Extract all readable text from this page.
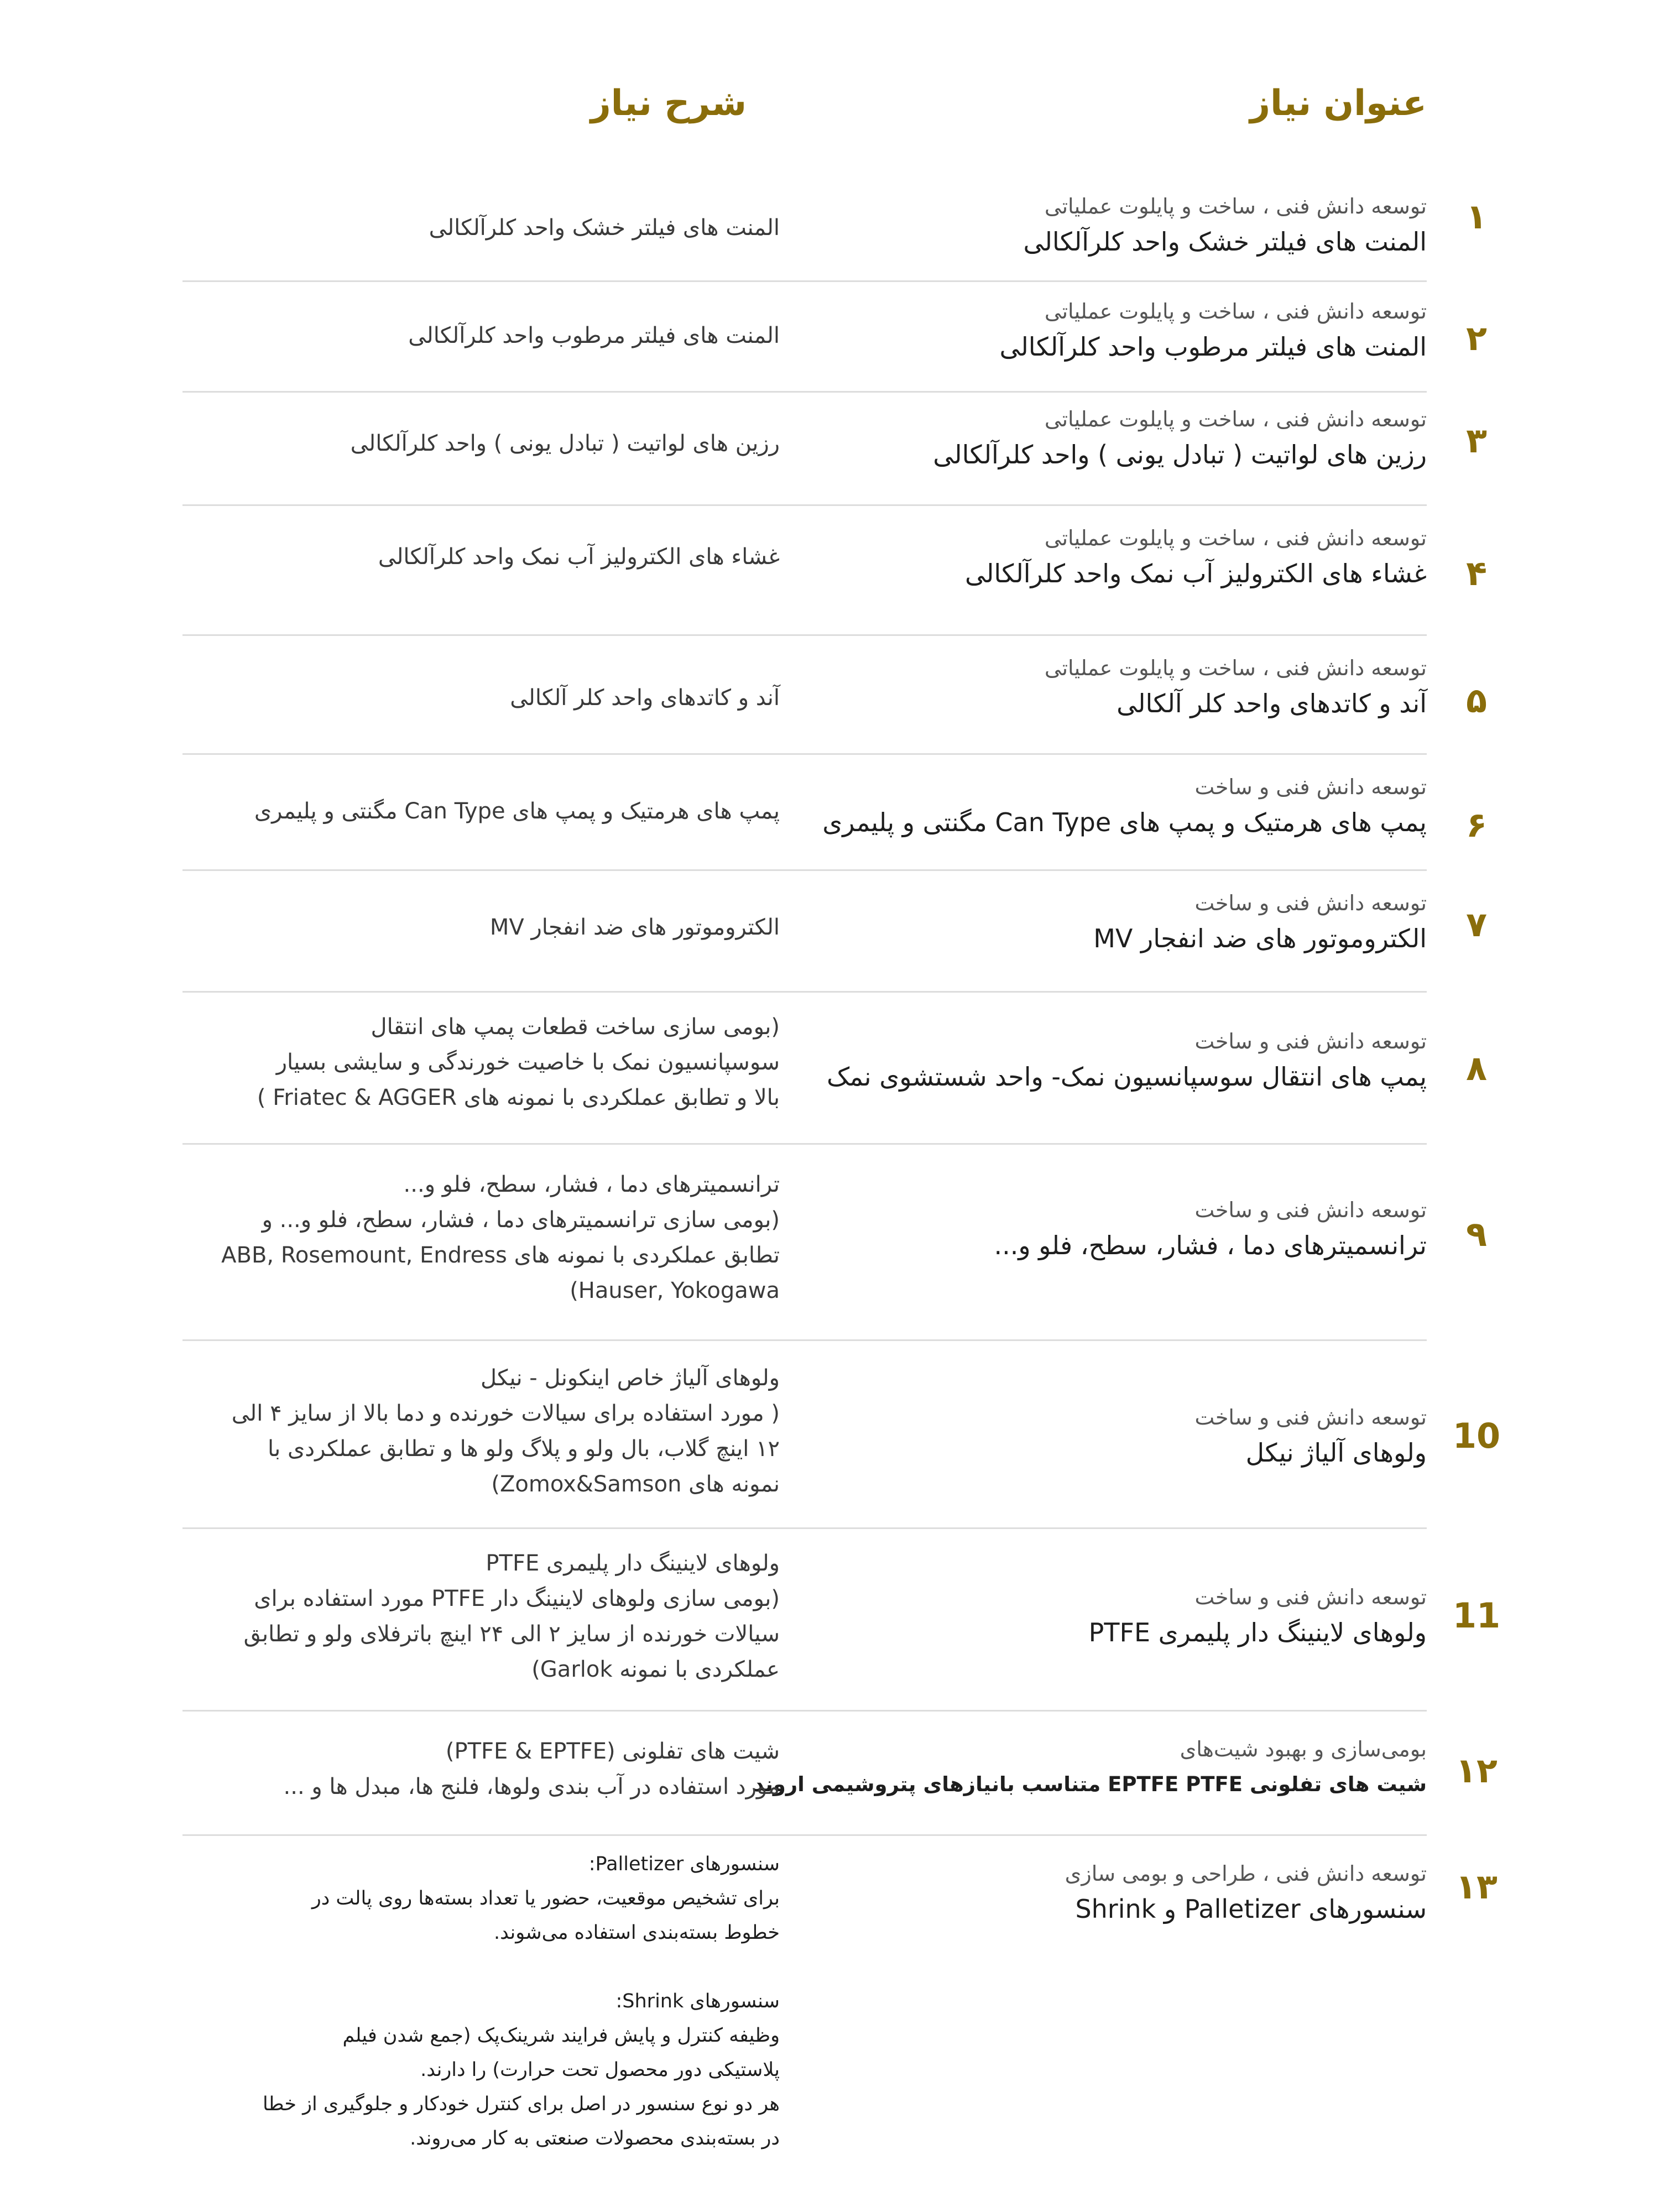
عنوان نیاز
شرح نیاز
۱
توسعه دانش فنی ، ساخت و پایلوت عملیاتی
المنت های فیلتر خشک واحد کلرآلکالی
المنت های فیلتر خشک واحد کلرآلکالی
۲
توسعه دانش فنی ، ساخت و پایلوت عملیاتی
المنت های فیلتر مرطوب واحد کلرآلکالی
المنت های فیلتر مرطوب واحد کلرآلکالی
۳
توسعه دانش فنی ، ساخت و پایلوت عملیاتی
رزین های لواتیت ( تبادل یونی ) واحد کلرآلکالی
رزین های لواتیت ( تبادل یونی ) واحد کلرآلکالی
۴
توسعه دانش فنی ، ساخت و پایلوت عملیاتی
غشاء های الکترولیز آب نمک واحد کلرآلکالی
غشاء های الکترولیز آب نمک واحد کلرآلکالی
۵
توسعه دانش فنی ، ساخت و پایلوت عملیاتی
آند و کاتدهای واحد کلر آلکالی
آند و کاتدهای واحد کلر آلکالی
۶
توسعه دانش فنی و ساخت
پمپ های هرمتیک و پمپ های Can Type مگنتی و پلیمری
پمپ های هرمتیک و پمپ های Can Type مگنتی و پلیمری
۷
توسعه دانش فنی و ساخت
الکتروموتور های ضد انفجار MV
الکتروموتور های ضد انفجار MV
۸
توسعه دانش فنی و ساخت
پمپ های انتقال سوسپانسیون نمک- واحد شستشوی نمک
(بومی سازی ساخت قطعات پمپ های انتقال
سوسپانسیون نمک با خاصیت خورندگی و سایشی بسیار
بالا و تطابق عملکردی با نمونه های Friatec & AGGER )
۹
توسعه دانش فنی و ساخت
ترانسمیترهای دما ، فشار، سطح، فلو و...
ترانسمیترهای دما ، فشار، سطح، فلو و...
(بومی سازی ترانسمیترهای دما ، فشار، سطح، فلو و... و
تطابق عملکردی با نمونه های ABB, Rosemount, Endress
Hauser, Yokogawa)
10
توسعه دانش فنی و ساخت
ولوهای آلیاژ نیکل
ولوهای آلیاژ خاص اینکونل - نیکل
( مورد استفاده برای سیالات خورنده و دما بالا از سایز ۴ الی
۱۲ اینچ گلاب، بال ولو و پلاگ ولو ها و تطابق عملکردی با
نمونه های Zomox&Samson)
11
توسعه دانش فنی و ساخت
ولوهای لاینینگ دار پلیمری PTFE
ولوهای لاینینگ دار پلیمری PTFE
(بومی سازی ولوهای لاینینگ دار PTFE مورد استفاده برای
سیالات خورنده از سایز ۲ الی ۲۴ اینچ باترفلای ولو و تطابق
عملکردی با نمونه Garlok)
۱۲
بومی‌سازی و بهبود شیت‌های
شیت های تفلونی EPTFE PTFE متناسب بانیازهای پتروشیمی اروند
شیت های تفلونی (PTFE & EPTFE)
مورد استفاده در آب بندی ولوها، فلنج ها، مبدل ها و ...
۱۳
توسعه دانش فنی ، طراحی و بومی سازی
سنسورهای Palletizer و Shrink
سنسورهای Palletizer:
برای تشخیص موقعیت، حضور یا تعداد بسته‌ها روی پالت در
خطوط بسته‌بندی استفاده می‌شوند.
سنسورهای Shrink:
وظیفه کنترل و پایش فرایند شرینک‌پک (جمع شدن فیلم
پلاستیکی دور محصول تحت حرارت) را دارند.
هر دو نوع سنسور در اصل برای کنترل خودکار و جلوگیری از خطا
در بسته‌بندی محصولات صنعتی به کار می‌روند.
